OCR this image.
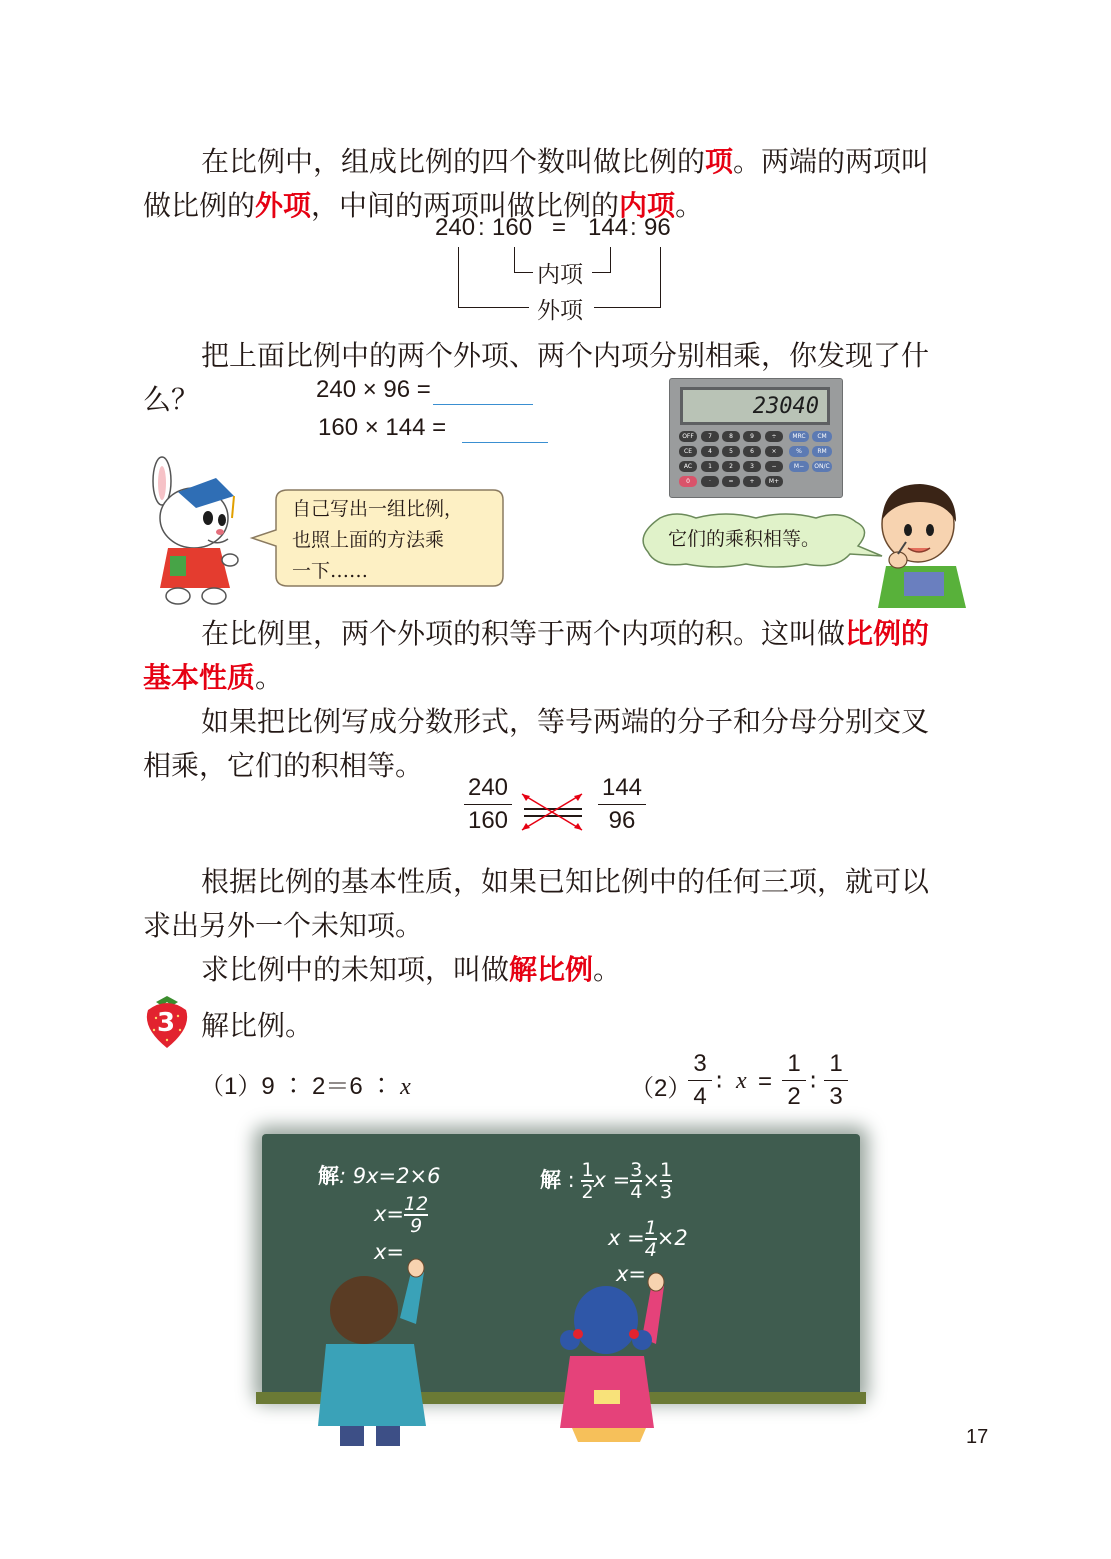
在比例中，组成比例的四个数叫做比例的项。两端的两项叫
做比例的外项，中间的两项叫做比例的内项。
240 : 160 = 144 : 96
内项
外项
把上面比例中的两个外项、两个内项分别相乘，你发现了什么？	240 × 96 =
160 × 144 =
23040
OFF	7	8	9	÷	MRC	CM
CE	4	5	6	×	%	RM
AC	1	2	3	−	M−	ON/C
0	·	=	+	M+
自己写出一组比例，
也照上面的方法乘
一下……
它们的乘积相等。
在比例里，两个外项的积等于两个内项的积。这叫做比例的
基本性质。
如果把比例写成分数形式，等号两端的分子和分母分别交叉
相乘，它们的积相等。
240
160
144
96
根据比例的基本性质，如果已知比例中的任何三项，就可以
求出另外一个未知项。
求比例中的未知项，叫做解比例。
3 解比例。
（1）9 ∶ 2＝6 ∶ x	（2）
3
4
∶ x =
1
2
∶
1
3
解: 9x=2×6
$x=\frac{12}{9}$
x=
解 : $\frac{1}{2}x =\frac{3}{4}\times\frac{1}{3}$
$x =\frac{1}{4}\times 2$
x=
17
